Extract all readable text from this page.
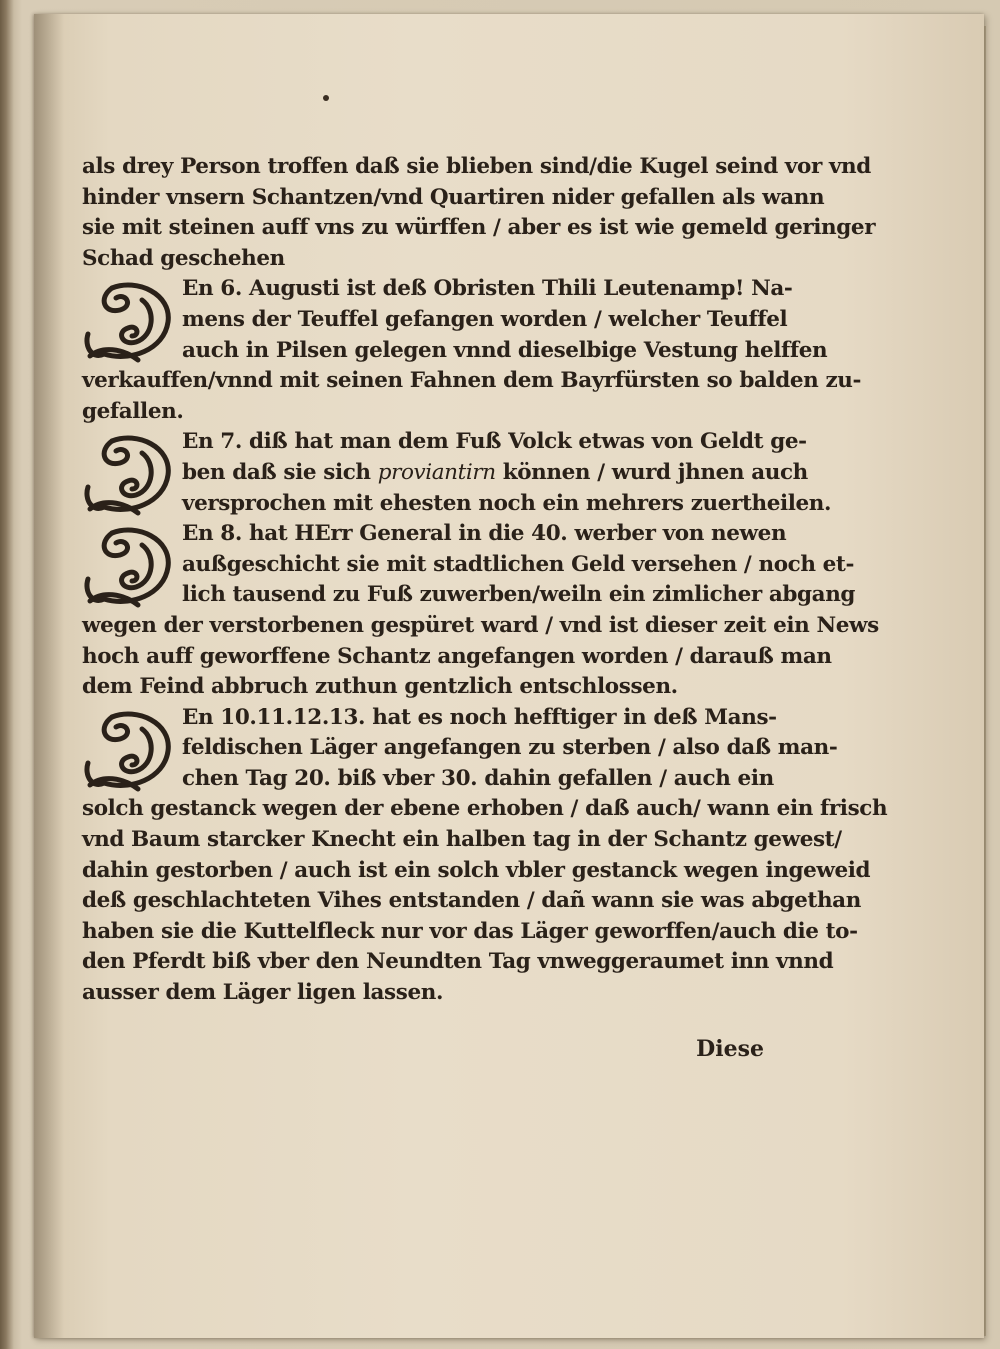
als drey Person troffen daß sie blieben sind/die Kugel seind vor vnd
hinder vnsern Schantzen/vnd Quartiren nider gefallen als wann
sie mit steinen auff vns zu würffen / aber es ist wie gemeld geringer
Schad geschehen
En 6. Augusti ist deß Obristen Thili Leutenamp! Na-
mens der Teuffel gefangen worden / welcher Teuffel
auch in Pilsen gelegen vnnd dieselbige Vestung helffen
verkauffen/vnnd mit seinen Fahnen dem Bayrfürsten so balden zu-
gefallen.
En 7. diß hat man dem Fuß Volck etwas von Geldt ge-
ben daß sie sich proviantirn können / wurd jhnen auch
versprochen mit ehesten noch ein mehrers zuertheilen.
En 8. hat HErr General in die 40. werber von newen
außgeschicht sie mit stadtlichen Geld versehen / noch et-
lich tausend zu Fuß zuwerben/weiln ein zimlicher abgang
wegen der verstorbenen gespüret ward / vnd ist dieser zeit ein News
hoch auff geworffene Schantz angefangen worden / darauß man
dem Feind abbruch zuthun gentzlich entschlossen.
En 10.11.12.13. hat es noch hefftiger in deß Mans-
feldischen Läger angefangen zu sterben / also daß man-
chen Tag 20. biß vber 30. dahin gefallen / auch ein
solch gestanck wegen der ebene erhoben / daß auch/ wann ein frisch
vnd Baum starcker Knecht ein halben tag in der Schantz gewest/
dahin gestorben / auch ist ein solch vbler gestanck wegen ingeweid
deß geschlachteten Vihes entstanden / dañ wann sie was abgethan
haben sie die Kuttelfleck nur vor das Läger geworffen/auch die to-
den Pferdt biß vber den Neundten Tag vnweggeraumet inn vnnd
ausser dem Läger ligen lassen.
Diese
